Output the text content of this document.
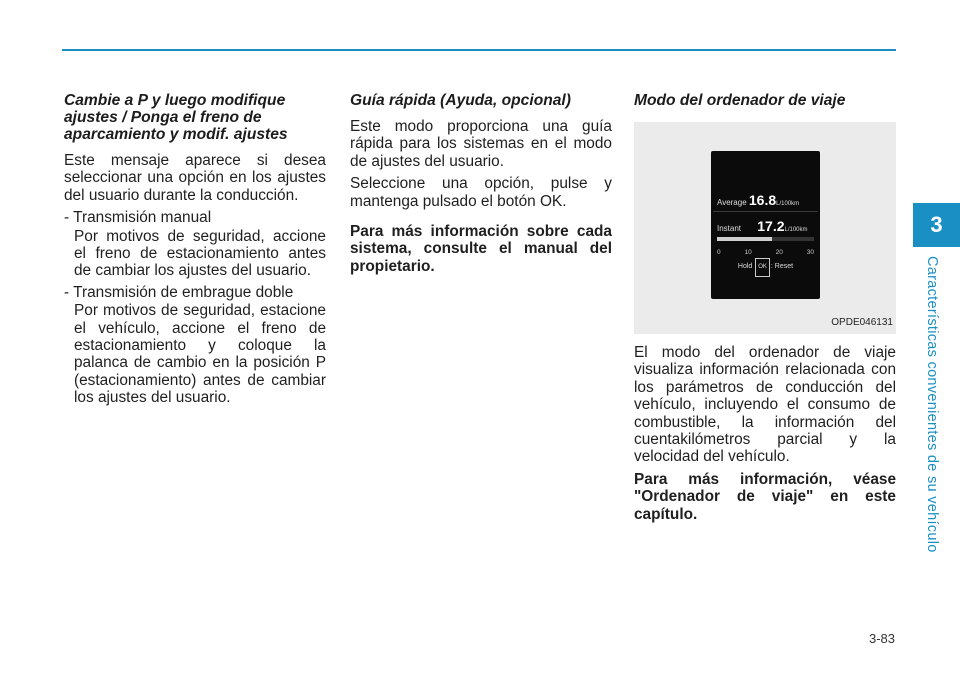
Cambie a P y luego modifique ajustes / Ponga el freno de aparcamiento y modif. ajustes

Este mensaje aparece si desea seleccionar una opción en los ajustes del usuario durante la conducción.

- Transmisión manual
Por motivos de seguridad, accione el freno de estacionamiento antes de cambiar los ajustes del usuario.
- Transmisión de embrague doble
Por motivos de seguridad, estacione el vehículo, accione el freno de estacionamiento y coloque la palanca de cambio en la posición P (estacionamiento) antes de cambiar los ajustes del usuario.
Guía rápida (Ayuda, opcional)

Este modo proporciona una guía rápida para los sistemas en el modo de ajustes del usuario.

Seleccione una opción, pulse y mantenga pulsado el botón OK.

Para más información sobre cada sistema, consulte el manual del propietario.

Modo del ordenador de viaje
Average 16.8L/100km
Instant 17.2L/100km
0	10	20	30
Hold OK : Reset
OPDE046131

El modo del ordenador de viaje visualiza información relacionada con los parámetros de conducción del vehículo, incluyendo el consumo de combustible, la información del cuentakilómetros parcial y la velocidad del vehículo.

Para más información, véase "Ordenador de viaje" en este capítulo.

3
Características convenientes de su vehículo
3-83
